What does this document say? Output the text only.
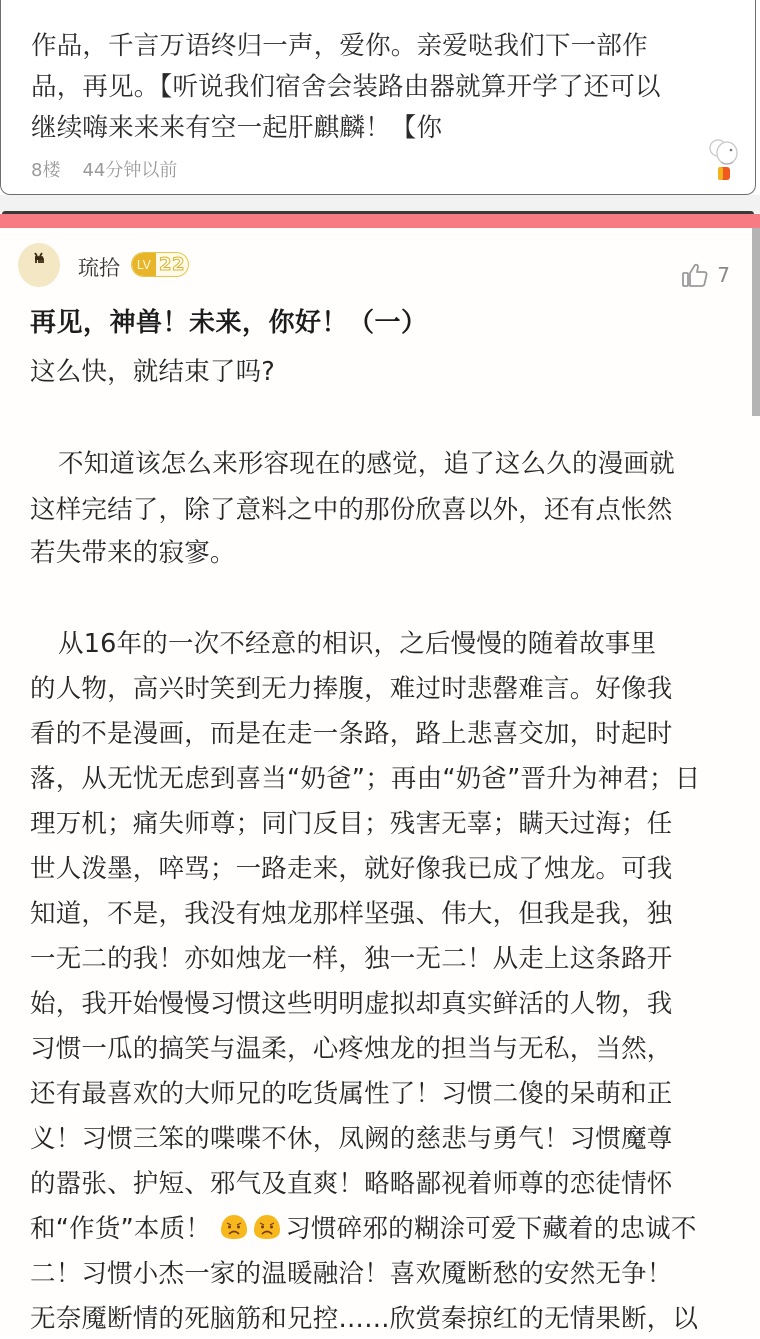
作品，千言万语终归一声，爱你。亲爱哒我们下一部作
品，再见。【听说我们宿舍会装路由器就算开学了还可以
继续嗨来来来有空一起肝麒麟！【你
8楼 44分钟以前
琉拾	LV 22	7
再见，神兽！未来，你好！（一）
这么快，就结束了吗?
不知道该怎么来形容现在的感觉，追了这么久的漫画就
这样完结了，除了意料之中的那份欣喜以外，还有点怅然
若失带来的寂寥。
从16年的一次不经意的相识，之后慢慢的随着故事里
的人物，高兴时笑到无力捧腹，难过时悲罄难言。好像我
看的不是漫画，而是在走一条路，路上悲喜交加，时起时
落，从无忧无虑到喜当“奶爸”；再由“奶爸”晋升为神君；日
理万机；痛失师尊；同门反目；残害无辜；瞒天过海；任
世人泼墨，啐骂；一路走来，就好像我已成了烛龙。可我
知道，不是，我没有烛龙那样坚强、伟大，但我是我，独
一无二的我！亦如烛龙一样，独一无二！从走上这条路开
始，我开始慢慢习惯这些明明虚拟却真实鲜活的人物，我
习惯一瓜的搞笑与温柔，心疼烛龙的担当与无私，当然，
还有最喜欢的大师兄的吃货属性了！习惯二傻的呆萌和正
义！习惯三笨的喋喋不休，凤阙的慈悲与勇气！习惯魔尊
的嚣张、护短、邪气及直爽！略略鄙视着师尊的恋徒情怀
和“作货”本质！	习惯碎邪的糊涂可爱下藏着的忠诚不
二！习惯小杰一家的温暖融洽！喜欢魇断愁的安然无争！
无奈魇断情的死脑筋和兄控……欣赏秦掠红的无情果断，以
